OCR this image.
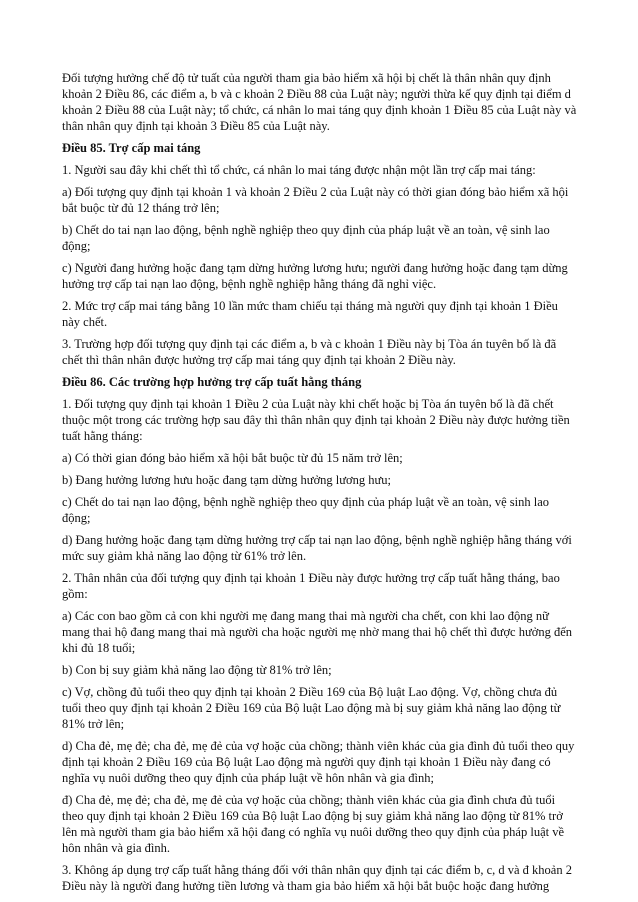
Đối tượng hưởng chế độ tử tuất của người tham gia bảo hiểm xã hội bị chết là thân nhân quy định khoản 2 Điều 86, các điểm a, b và c khoản 2 Điều 88 của Luật này; người thừa kế quy định tại điểm d khoản 2 Điều 88 của Luật này; tổ chức, cá nhân lo mai táng quy định khoản 1 Điều 85 của Luật này và thân nhân quy định tại khoản 3 Điều 85 của Luật này.

Điều 85. Trợ cấp mai táng

1. Người sau đây khi chết thì tổ chức, cá nhân lo mai táng được nhận một lần trợ cấp mai táng:

a) Đối tượng quy định tại khoản 1 và khoản 2 Điều 2 của Luật này có thời gian đóng bảo hiểm xã hội bắt buộc từ đủ 12 tháng trở lên;

b) Chết do tai nạn lao động, bệnh nghề nghiệp theo quy định của pháp luật về an toàn, vệ sinh lao động;

c) Người đang hưởng hoặc đang tạm dừng hưởng lương hưu; người đang hưởng hoặc đang tạm dừng hưởng trợ cấp tai nạn lao động, bệnh nghề nghiệp hằng tháng đã nghỉ việc.

2. Mức trợ cấp mai táng bằng 10 lần mức tham chiếu tại tháng mà người quy định tại khoản 1 Điều này chết.

3. Trường hợp đối tượng quy định tại các điểm a, b và c khoản 1 Điều này bị Tòa án tuyên bố là đã chết thì thân nhân được hưởng trợ cấp mai táng quy định tại khoản 2 Điều này.

Điều 86. Các trường hợp hưởng trợ cấp tuất hằng tháng

1. Đối tượng quy định tại khoản 1 Điều 2 của Luật này khi chết hoặc bị Tòa án tuyên bố là đã chết thuộc một trong các trường hợp sau đây thì thân nhân quy định tại khoản 2 Điều này được hưởng tiền tuất hằng tháng:

a) Có thời gian đóng bảo hiểm xã hội bắt buộc từ đủ 15 năm trở lên;

b) Đang hưởng lương hưu hoặc đang tạm dừng hưởng lương hưu;

c) Chết do tai nạn lao động, bệnh nghề nghiệp theo quy định của pháp luật về an toàn, vệ sinh lao động;

d) Đang hưởng hoặc đang tạm dừng hưởng trợ cấp tai nạn lao động, bệnh nghề nghiệp hằng tháng với mức suy giảm khả năng lao động từ 61% trở lên.

2. Thân nhân của đối tượng quy định tại khoản 1 Điều này được hưởng trợ cấp tuất hằng tháng, bao gồm:

a) Các con bao gồm cả con khi người mẹ đang mang thai mà người cha chết, con khi lao động nữ mang thai hộ đang mang thai mà người cha hoặc người mẹ nhờ mang thai hộ chết thì được hưởng đến khi đủ 18 tuổi;

b) Con bị suy giảm khả năng lao động từ 81% trở lên;

c) Vợ, chồng đủ tuổi theo quy định tại khoản 2 Điều 169 của Bộ luật Lao động. Vợ, chồng chưa đủ tuổi theo quy định tại khoản 2 Điều 169 của Bộ luật Lao động mà bị suy giảm khả năng lao động từ 81% trở lên;

d) Cha đẻ, mẹ đẻ; cha đẻ, mẹ đẻ của vợ hoặc của chồng; thành viên khác của gia đình đủ tuổi theo quy định tại khoản 2 Điều 169 của Bộ luật Lao động mà người quy định tại khoản 1 Điều này đang có nghĩa vụ nuôi dưỡng theo quy định của pháp luật về hôn nhân và gia đình;

đ) Cha đẻ, mẹ đẻ; cha đẻ, mẹ đẻ của vợ hoặc của chồng; thành viên khác của gia đình chưa đủ tuổi theo quy định tại khoản 2 Điều 169 của Bộ luật Lao động bị suy giảm khả năng lao động từ 81% trở lên mà người tham gia bảo hiểm xã hội đang có nghĩa vụ nuôi dưỡng theo quy định của pháp luật về hôn nhân và gia đình.

3. Không áp dụng trợ cấp tuất hằng tháng đối với thân nhân quy định tại các điểm b, c, d và đ khoản 2 Điều này là người đang hưởng tiền lương và tham gia bảo hiểm xã hội bắt buộc hoặc đang hưởng
